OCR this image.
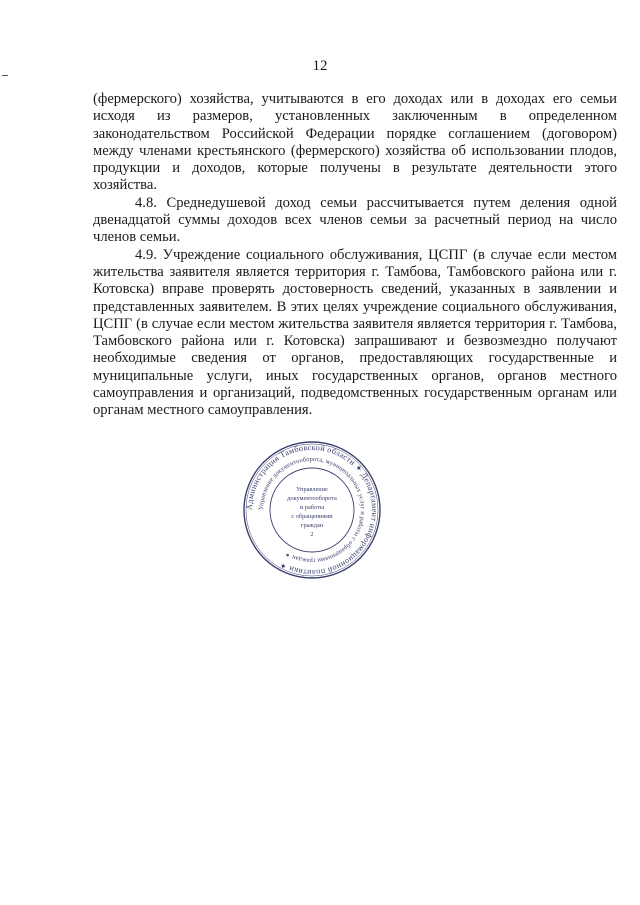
12

(фермерского) хозяйства, учитываются в его доходах или в доходах его семьи исходя из размеров, установленных заключенным в определенном законодательством Российской Федерации порядке соглашением (договором) между членами крестьянского (фермерского) хозяйства об использовании плодов, продукции и доходов, которые получены в результате деятельности этого хозяйства.

4.8. Среднедушевой доход семьи рассчитывается путем деления одной двенадцатой суммы доходов всех членов семьи за расчетный период на число членов семьи.

4.9. Учреждение социального обслуживания, ЦСПГ (в случае если местом жительства заявителя является территория г. Тамбова, Тамбовского района или г. Котовска) вправе проверять достоверность сведений, указанных в заявлении и представленных заявителем. В этих целях учреждение социального обслуживания, ЦСПГ (в случае если местом жительства заявителя является территория г. Тамбова, Тамбовского района или г. Котовска) запрашивают и безвозмездно получают необходимые сведения от органов, предоставляющих государственные и муниципальные услуги, иных государственных органов, органов местного самоуправления и организаций, подведомственных государственным органам или органам местного самоуправления.

Администрация Тамбовской области ✦ Департамент информационной политики ✦
Управление документооборота, муниципальных услуг и работы с обращениями граждан ✦
Управление
документооборота
и работы
с обращениями
граждан
2
